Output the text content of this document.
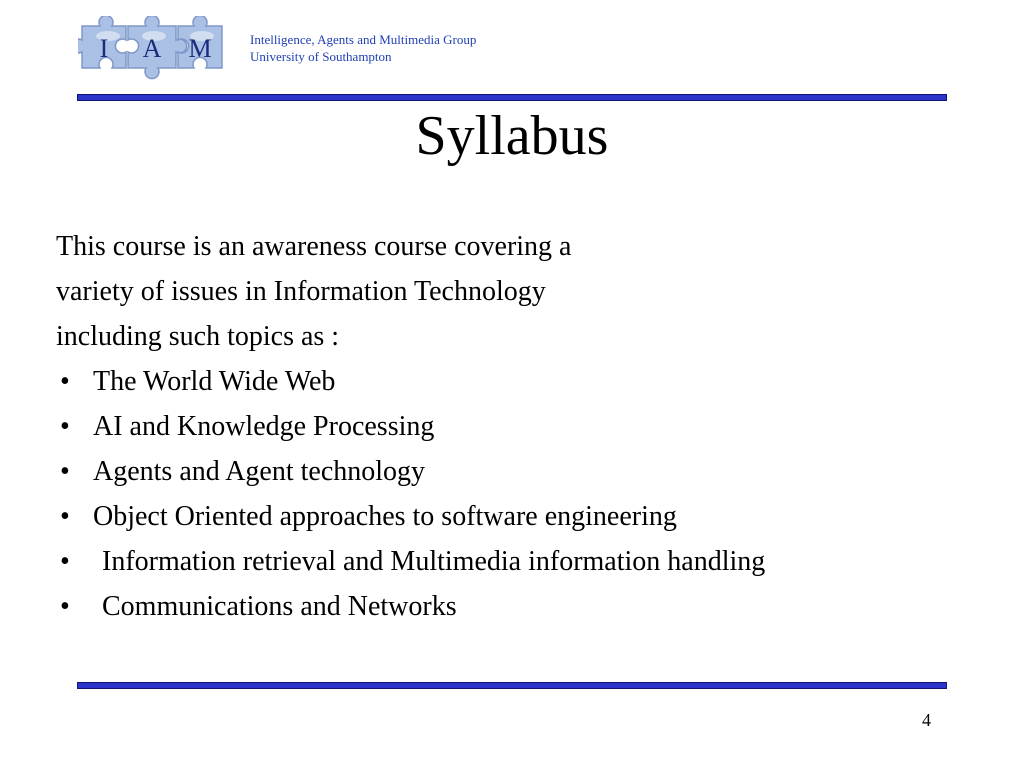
I A M	Intelligence, Agents and Multimedia Group
University of Southampton
Syllabus

This course is an awareness course covering a

variety of issues in Information Technology

including such topics as :

• The World Wide Web
• AI and Knowledge Processing
• Agents and Agent technology
• Object Oriented approaches to software engineering
• Information retrieval and Multimedia information handling
• Communications and Networks
4
